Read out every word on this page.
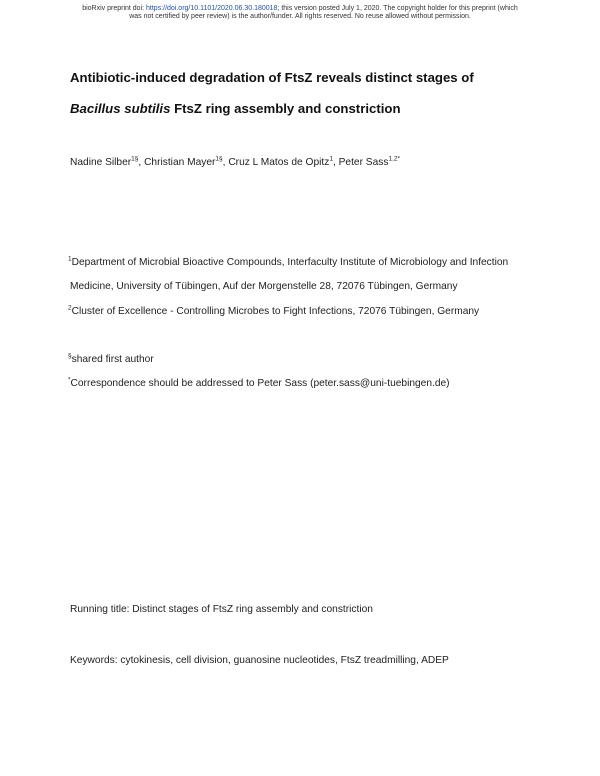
bioRxiv preprint doi: https://doi.org/10.1101/2020.06.30.180018; this version posted July 1, 2020. The copyright holder for this preprint (which
was not certified by peer review) is the author/funder. All rights reserved. No reuse allowed without permission.
Antibiotic-induced degradation of FtsZ reveals distinct stages of
Bacillus subtilis FtsZ ring assembly and constriction
Nadine Silber$^{1\S}$, Christian Mayer$^{1\S}$, Cruz L Matos de Opitz$^1$, Peter Sass$^{1,2*}$
$^1$Department of Microbial Bioactive Compounds, Interfaculty Institute of Microbiology and Infection
Medicine, University of Tübingen, Auf der Morgenstelle 28, 72076 Tübingen, Germany
$^2$Cluster of Excellence - Controlling Microbes to Fight Infections, 72076 Tübingen, Germany
§shared first author
*Correspondence should be addressed to Peter Sass (peter.sass@uni-tuebingen.de)
Running title: Distinct stages of FtsZ ring assembly and constriction
Keywords: cytokinesis, cell division, guanosine nucleotides, FtsZ treadmilling, ADEP
